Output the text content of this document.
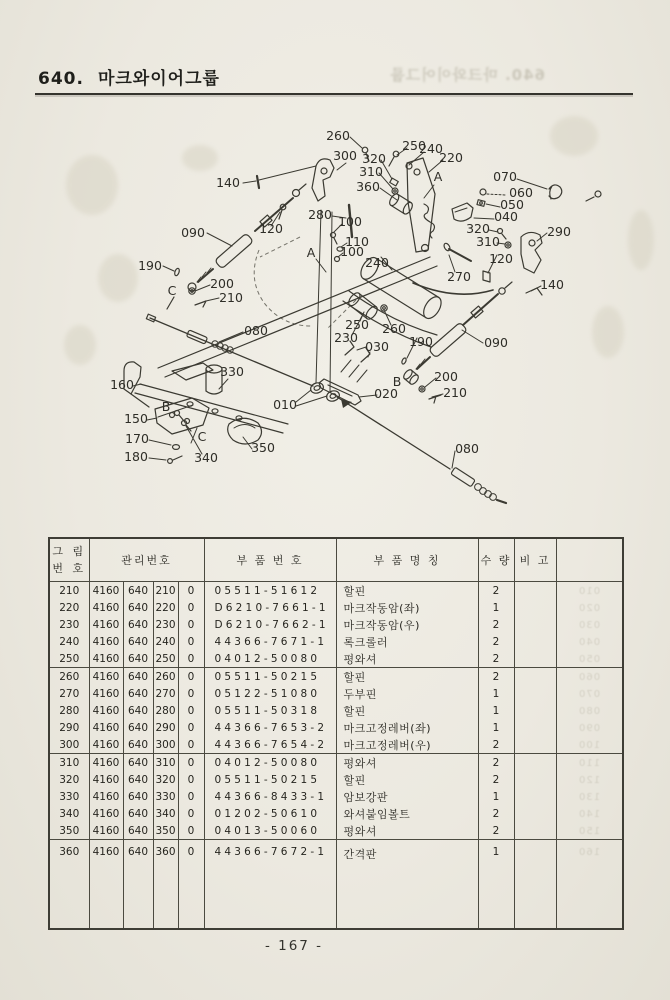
640. 마크와이어그룹	640. 마크와이어그룹
140
090
190
C	200
210
260
300 320
250
240
220
310
360
A	070
060
050
040
320
310
290
120
280 100
110
100
A
240
270
120
140
090
190
260
030
230
250
B	200
210
020
010
080
080
330
160
B
150
170
180	340
C
350
그 림
번 호	관리번호				부 품 번 호	부 품 명 칭	수 량	비 고	
210	4160	640	210	0	05511-51612	할핀	2		010
220	4160	640	220	0	D6210-7661-1	마크작동암(좌)	1		020
230	4160	640	230	0	D6210-7662-1	마크작동암(우)	2		030
240	4160	640	240	0	44366-7671-1	록크롤러	2		040
250	4160	640	250	0	04012-50080	평와셔	2		050
260	4160	640	260	0	05511-50215	할핀	2		060
270	4160	640	270	0	05122-51080	두부핀	1		070
280	4160	640	280	0	05511-50318	할핀	1		080
290	4160	640	290	0	44366-7653-2	마크고정레버(좌)	1		090
300	4160	640	300	0	44366-7654-2	마크고정레버(우)	2		100
310	4160	640	310	0	04012-50080	평와셔	2		110
320	4160	640	320	0	05511-50215	할핀	2		120
330	4160	640	330	0	44366-8433-1	암보강판	1		130
340	4160	640	340	0	01202-50610	와셔붙임볼트	2		140
350	4160	640	350	0	04013-50060	평와셔	2		150
360	4160	640	360	0	44366-7672-1	간격판	1		160
- 167 -
